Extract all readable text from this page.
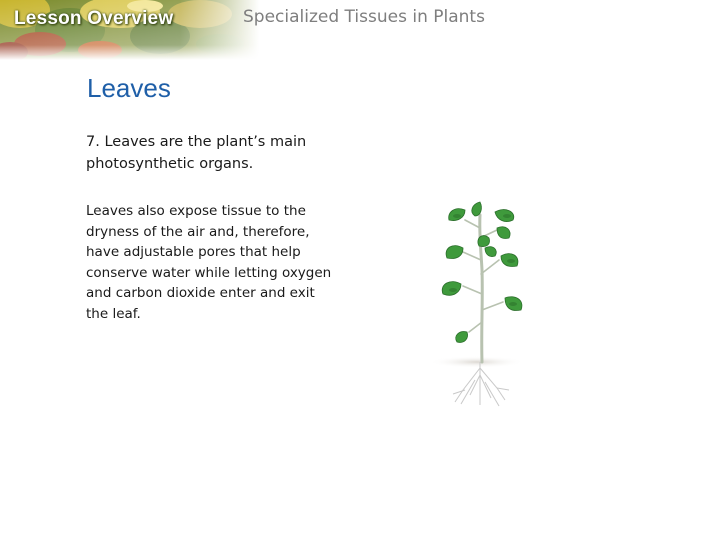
Lesson Overview	Specialized Tissues in Plants
Leaves
7. Leaves are the plant’s main photosynthetic organs.
Leaves also expose tissue to the dryness of the air and, therefore, have adjustable pores that help conserve water while letting oxygen and carbon dioxide enter and exit the leaf.
